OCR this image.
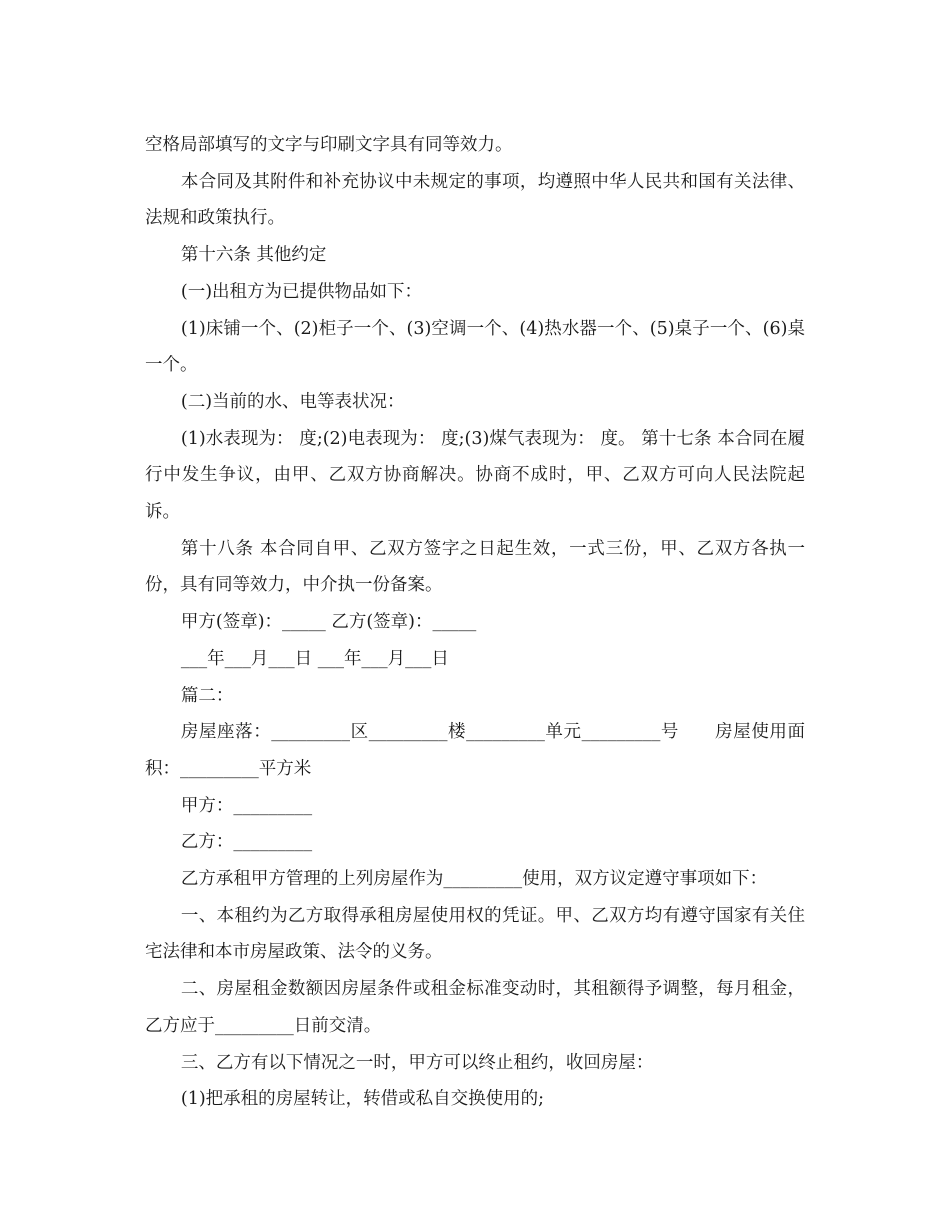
空格局部填写的文字与印刷文字具有同等效力。

本合同及其附件和补充协议中未规定的事项，均遵照中华人民共和国有关法律、法规和政策执行。

第十六条 其他约定

(一)出租方为已提供物品如下：

(1)床铺一个、(2)柜子一个、(3)空调一个、(4)热水器一个、(5)桌子一个、(6)桌一个。

(二)当前的水、电等表状况：

(1)水表现为： 度;(2)电表现为： 度;(3)煤气表现为： 度。 第十七条 本合同在履行中发生争议，由甲、乙双方协商解决。协商不成时，甲、乙双方可向人民法院起诉。

第十八条 本合同自甲、乙双方签字之日起生效，一式三份，甲、乙双方各执一份，具有同等效力，中介执一份备案。

甲方(签章)：_____ 乙方(签章)：_____

___年___月___日 ___年___月___日

篇二：

房屋座落：_________区_________楼_________单元_________号　　房屋使用面积：_________平方米

甲方：_________

乙方：_________

乙方承租甲方管理的上列房屋作为_________使用，双方议定遵守事项如下：

一、本租约为乙方取得承租房屋使用权的凭证。甲、乙双方均有遵守国家有关住宅法律和本市房屋政策、法令的义务。

二、房屋租金数额因房屋条件或租金标准变动时，其租额得予调整，每月租金，乙方应于_________日前交清。

三、乙方有以下情况之一时，甲方可以终止租约，收回房屋：

(1)把承租的房屋转让，转借或私自交换使用的;
